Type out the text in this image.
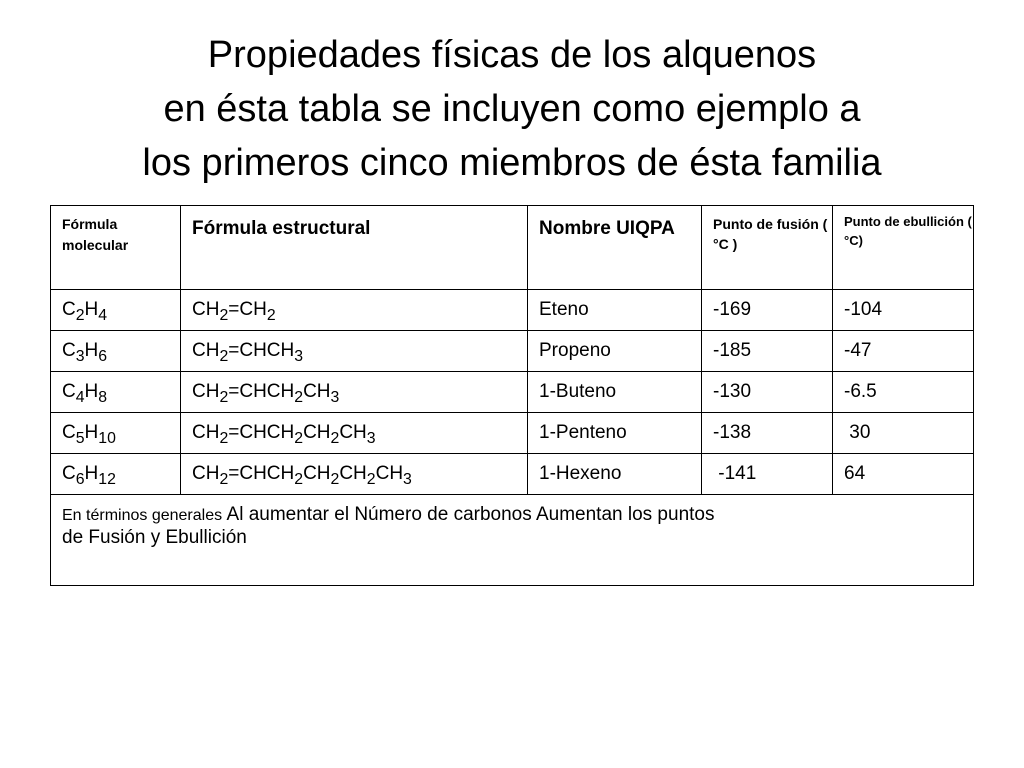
Propiedades físicas de los alquenos
en ésta tabla se incluyen como ejemplo a
los primeros cinco miembros de ésta familia
Fórmula molecular	Fórmula estructural	Nombre UIQPA	Punto de fusión ( °C )	Punto de ebullición ( °C)
$C_2H_4$	$CH_2=CH_2$	Eteno	-169	-104
$C_3H_6$	$CH_2=CHCH_3$	Propeno	-185	-47
$C_4H_8$	$CH_2=CHCH_2CH_3$	1-Buteno	-130	-6.5
$C_5H_{10}$	$CH_2=CHCH_2CH_2CH_3$	1-Penteno	-138	30
$C_6H_{12}$	$CH_2=CHCH_2CH_2CH_2CH_3$	1-Hexeno	-141	64
En términos generales Al aumentar el Número de carbonos Aumentan los puntos
de Fusión y Ebullición				
